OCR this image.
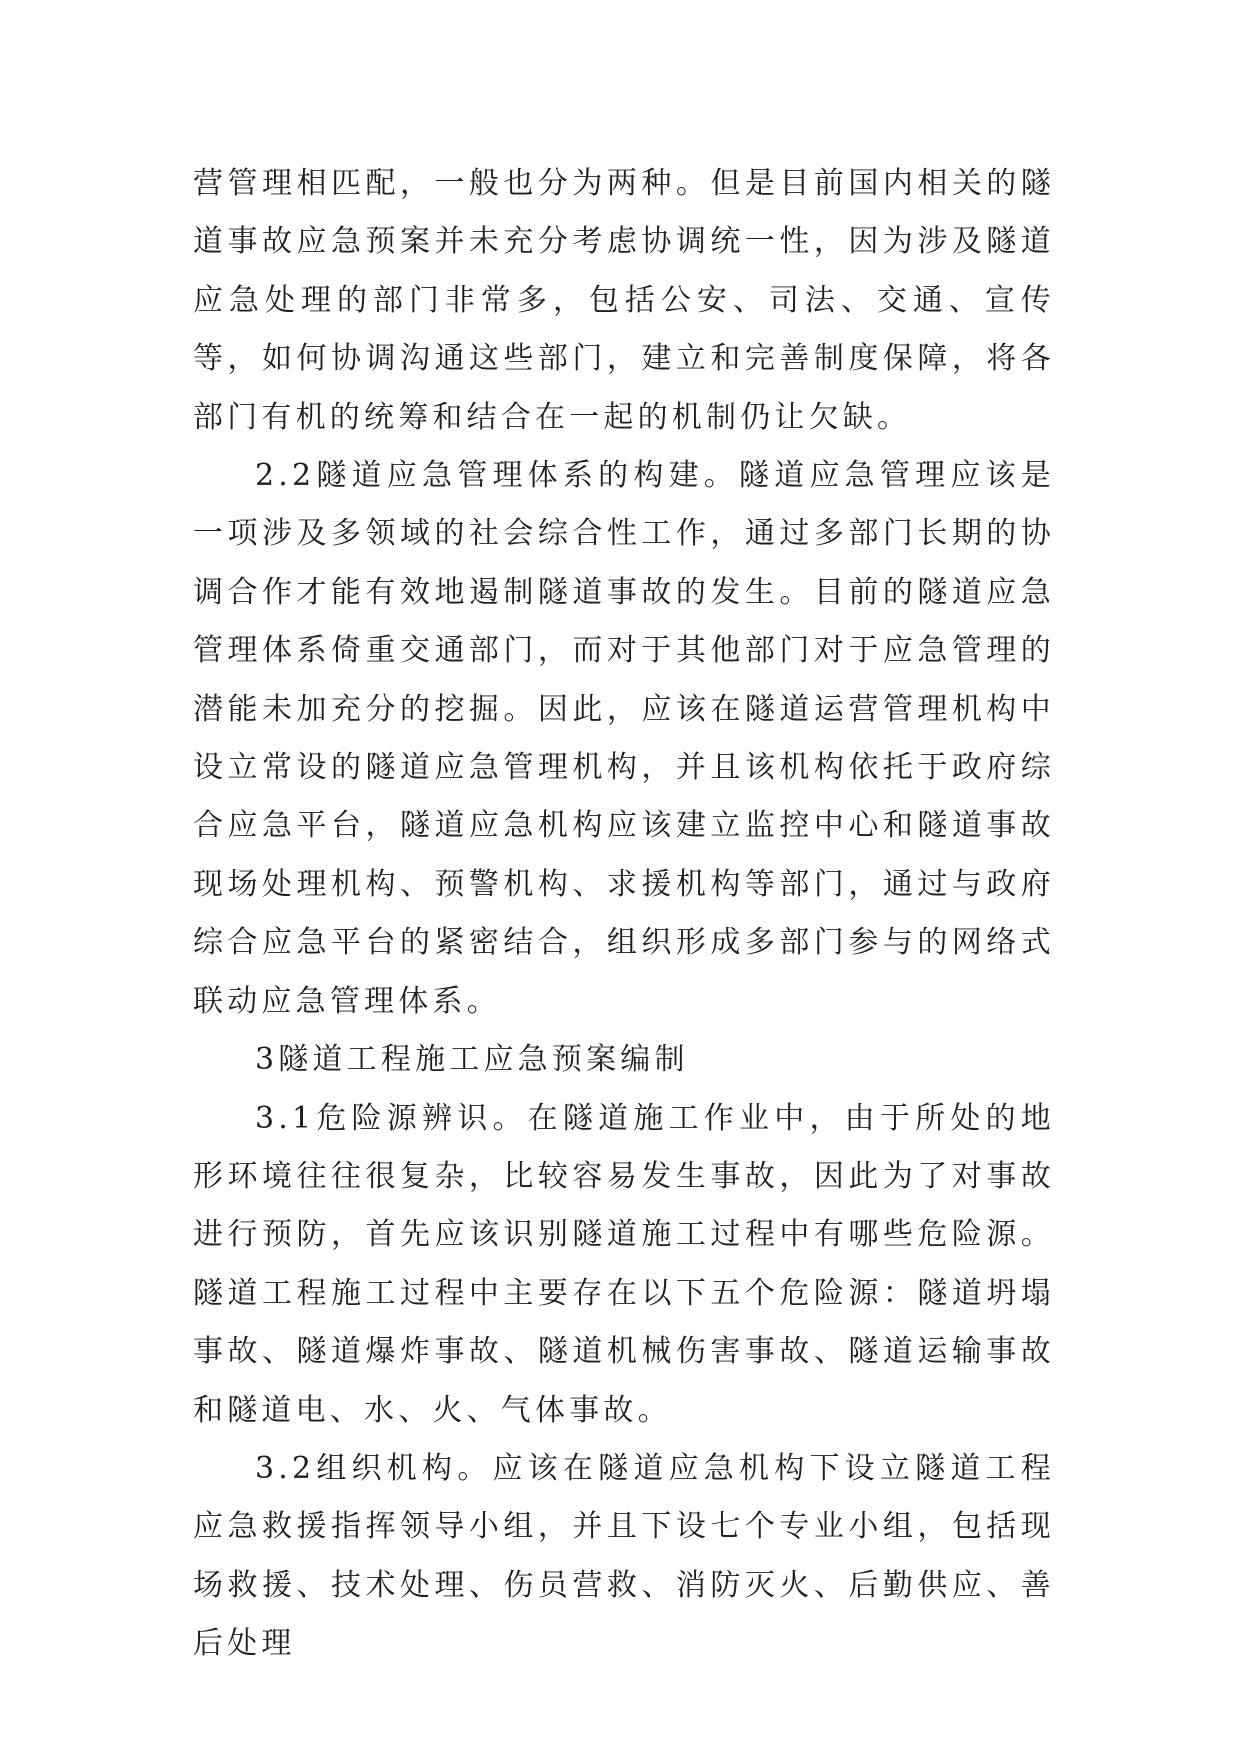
营管理相匹配，一般也分为两种。但是目前国内相关的隧道事故应急预案并未充分考虑协调统一性，因为涉及隧道应急处理的部门非常多，包括公安、司法、交通、宣传等，如何协调沟通这些部门，建立和完善制度保障，将各部门有机的统筹和结合在一起的机制仍让欠缺。

2.2隧道应急管理体系的构建。隧道应急管理应该是一项涉及多领域的社会综合性工作，通过多部门长期的协调合作才能有效地遏制隧道事故的发生。目前的隧道应急管理体系倚重交通部门，而对于其他部门对于应急管理的潜能未加充分的挖掘。因此，应该在隧道运营管理机构中设立常设的隧道应急管理机构，并且该机构依托于政府综合应急平台，隧道应急机构应该建立监控中心和隧道事故现场处理机构、预警机构、求援机构等部门，通过与政府综合应急平台的紧密结合，组织形成多部门参与的网络式联动应急管理体系。

3隧道工程施工应急预案编制

3.1危险源辨识。在隧道施工作业中，由于所处的地形环境往往很复杂，比较容易发生事故，因此为了对事故进行预防，首先应该识别隧道施工过程中有哪些危险源。隧道工程施工过程中主要存在以下五个危险源：隧道坍塌事故、隧道爆炸事故、隧道机械伤害事故、隧道运输事故和隧道电、水、火、气体事故。

3.2组织机构。应该在隧道应急机构下设立隧道工程应急救援指挥领导小组，并且下设七个专业小组，包括现场救援、技术处理、伤员营救、消防灭火、后勤供应、善后处理
